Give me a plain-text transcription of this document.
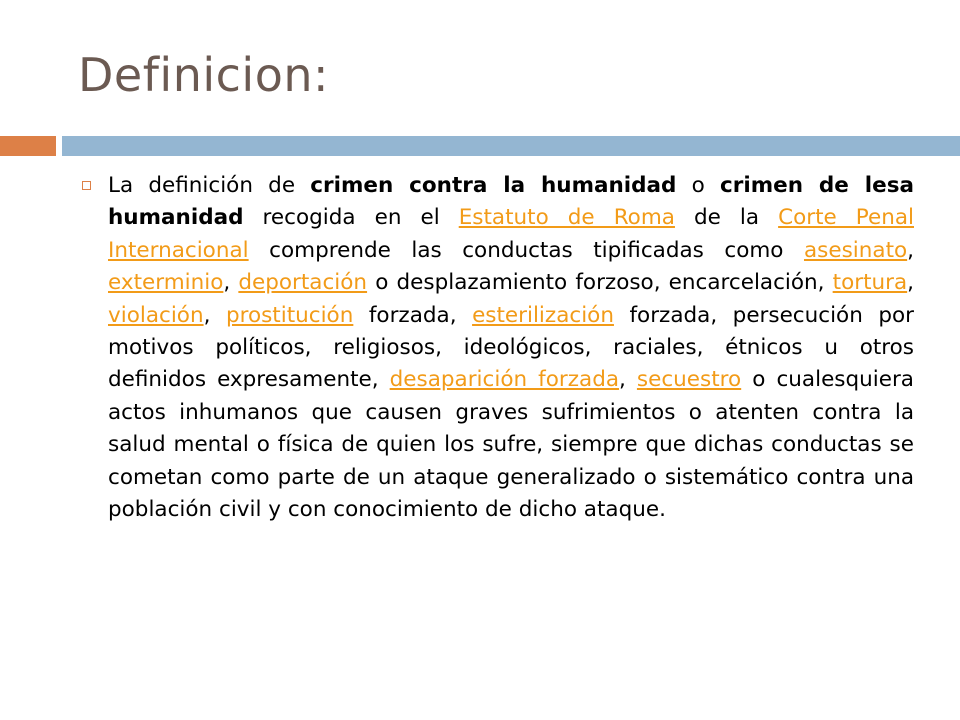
Definicion:

La definición de crimen contra la humanidad o crimen de lesa humanidad recogida en el Estatuto de Roma de la Corte Penal Internacional comprende las conductas tipificadas como asesinato, exterminio, deportación o desplazamiento forzoso, encarcelación, tortura, violación, prostitución forzada, esterilización forzada, persecución por motivos políticos, religiosos, ideológicos, raciales, étnicos u otros definidos expresamente, desaparición forzada, secuestro o cualesquiera actos inhumanos que causen graves sufrimientos o atenten contra la salud mental o física de quien los sufre, siempre que dichas conductas se cometan como parte de un ataque generalizado o sistemático contra una población civil y con conocimiento de dicho ataque.
